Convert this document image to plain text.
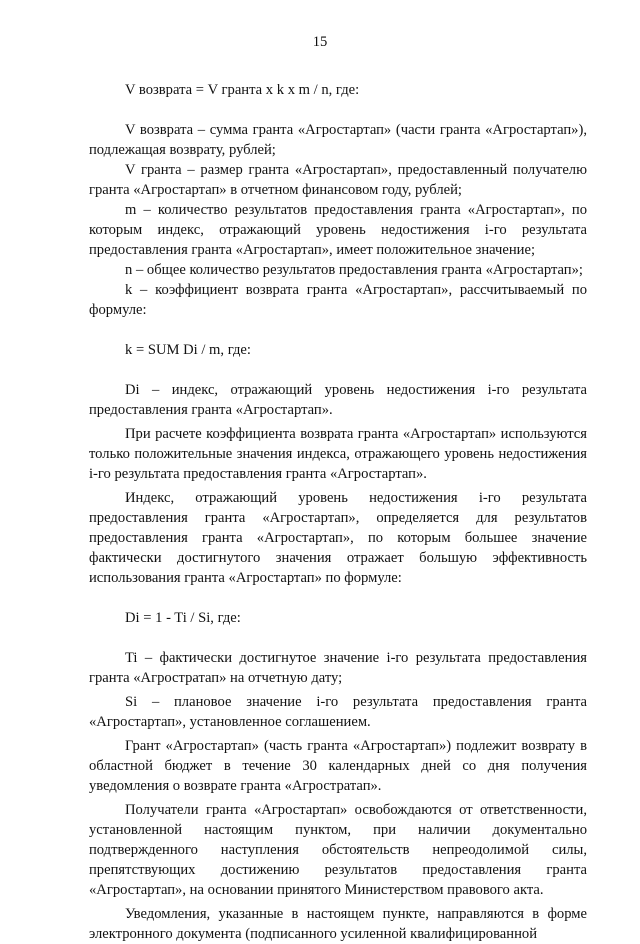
15

V возврата = V гранта x k x m / n, где:

V возврата – сумма гранта «Агростартап» (части гранта «Агростартап»), подлежащая возврату, рублей;

V гранта – размер гранта «Агростартап», предоставленный получателю гранта «Агростартап» в отчетном финансовом году, рублей;

m – количество результатов предоставления гранта «Агростартап», по которым индекс, отражающий уровень недостижения i-го результата предоставления гранта «Агростартап», имеет положительное значение;

n – общее количество результатов предоставления гранта «Агростартап»;

k – коэффициент возврата гранта «Агростартап», рассчитываемый по формуле:

k = SUM Di / m, где:

Di – индекс, отражающий уровень недостижения i-го результата предоставления гранта «Агростартап».

При расчете коэффициента возврата гранта «Агростартап» используются только положительные значения индекса, отражающего уровень недостижения i-го результата предоставления гранта «Агростартап».

Индекс, отражающий уровень недостижения i-го результата предоставления гранта «Агростартап», определяется для результатов предоставления гранта «Агростартап», по которым большее значение фактически достигнутого значения отражает большую эффективность использования гранта «Агростартап» по формуле:

Di = 1 - Ti / Si, где:

Ti – фактически достигнутое значение i-го результата предоставления гранта «Агростратап» на отчетную дату;

Si – плановое значение i-го результата предоставления гранта «Агростартап», установленное соглашением.

Грант «Агростартап» (часть гранта «Агростартап») подлежит возврату в областной бюджет в течение 30 календарных дней со дня получения уведомления о возврате гранта «Агростратап».

Получатели гранта «Агростартап» освобождаются от ответственности, установленной настоящим пунктом, при наличии документально подтвержденного наступления обстоятельств непреодолимой силы, препятствующих достижению результатов предоставления гранта «Агростартап», на основании принятого Министерством правового акта.

Уведомления, указанные в настоящем пункте, направляются в форме электронного документа (подписанного усиленной квалифицированной
